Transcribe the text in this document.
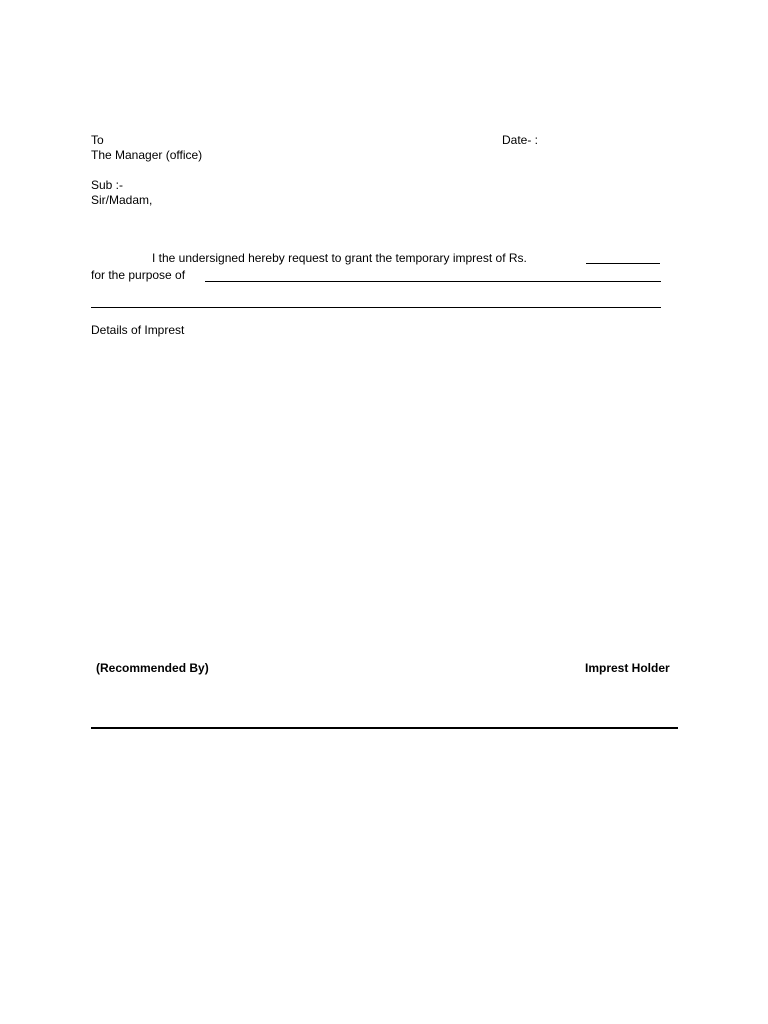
To	Date- :
The Manager (office)
Sub :-
Sir/Madam,
I the undersigned hereby request to grant the temporary imprest of Rs.
for the purpose of
Details of Imprest
(Recommended By)	Imprest Holder
